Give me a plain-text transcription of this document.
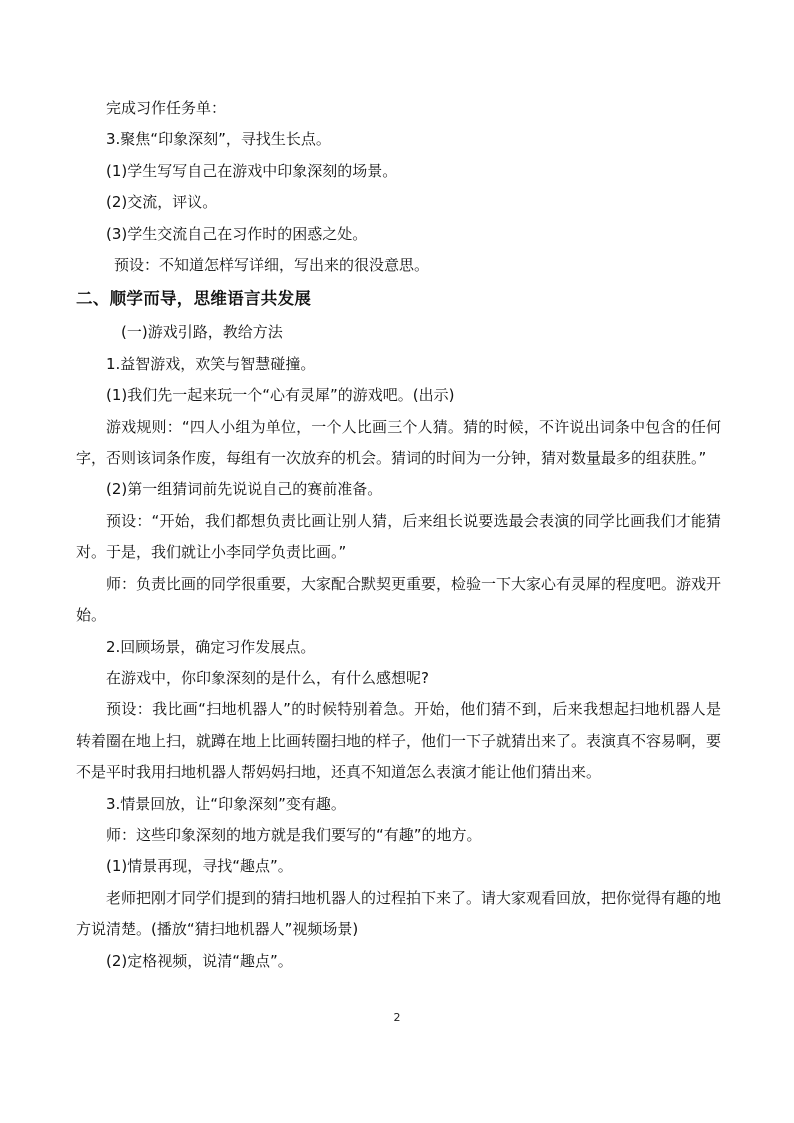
完成习作任务单：

3.聚焦“印象深刻”，寻找生长点。

(1)学生写写自己在游戏中印象深刻的场景。

(2)交流，评议。

(3)学生交流自己在习作时的困惑之处。

预设：不知道怎样写详细，写出来的很没意思。

二、顺学而导，思维语言共发展

(一)游戏引路，教给方法

1.益智游戏，欢笑与智慧碰撞。

(1)我们先一起来玩一个“心有灵犀”的游戏吧。(出示)

游戏规则：“四人小组为单位，一个人比画三个人猜。猜的时候，不许说出词条中包含的任何字，否则该词条作废，每组有一次放弃的机会。猜词的时间为一分钟，猜对数量最多的组获胜。”

(2)第一组猜词前先说说自己的赛前准备。

预设：“开始，我们都想负责比画让别人猜，后来组长说要选最会表演的同学比画我们才能猜对。于是，我们就让小李同学负责比画。”

师：负责比画的同学很重要，大家配合默契更重要，检验一下大家心有灵犀的程度吧。游戏开始。

2.回顾场景，确定习作发展点。

在游戏中，你印象深刻的是什么，有什么感想呢?

预设：我比画“扫地机器人”的时候特别着急。开始，他们猜不到，后来我想起扫地机器人是转着圈在地上扫，就蹲在地上比画转圈扫地的样子，他们一下子就猜出来了。表演真不容易啊，要不是平时我用扫地机器人帮妈妈扫地，还真不知道怎么表演才能让他们猜出来。

3.情景回放，让“印象深刻”变有趣。

师：这些印象深刻的地方就是我们要写的“有趣”的地方。

(1)情景再现，寻找“趣点”。

老师把刚才同学们提到的猜扫地机器人的过程拍下来了。请大家观看回放，把你觉得有趣的地方说清楚。(播放“猜扫地机器人”视频场景)

(2)定格视频，说清“趣点”。

2
